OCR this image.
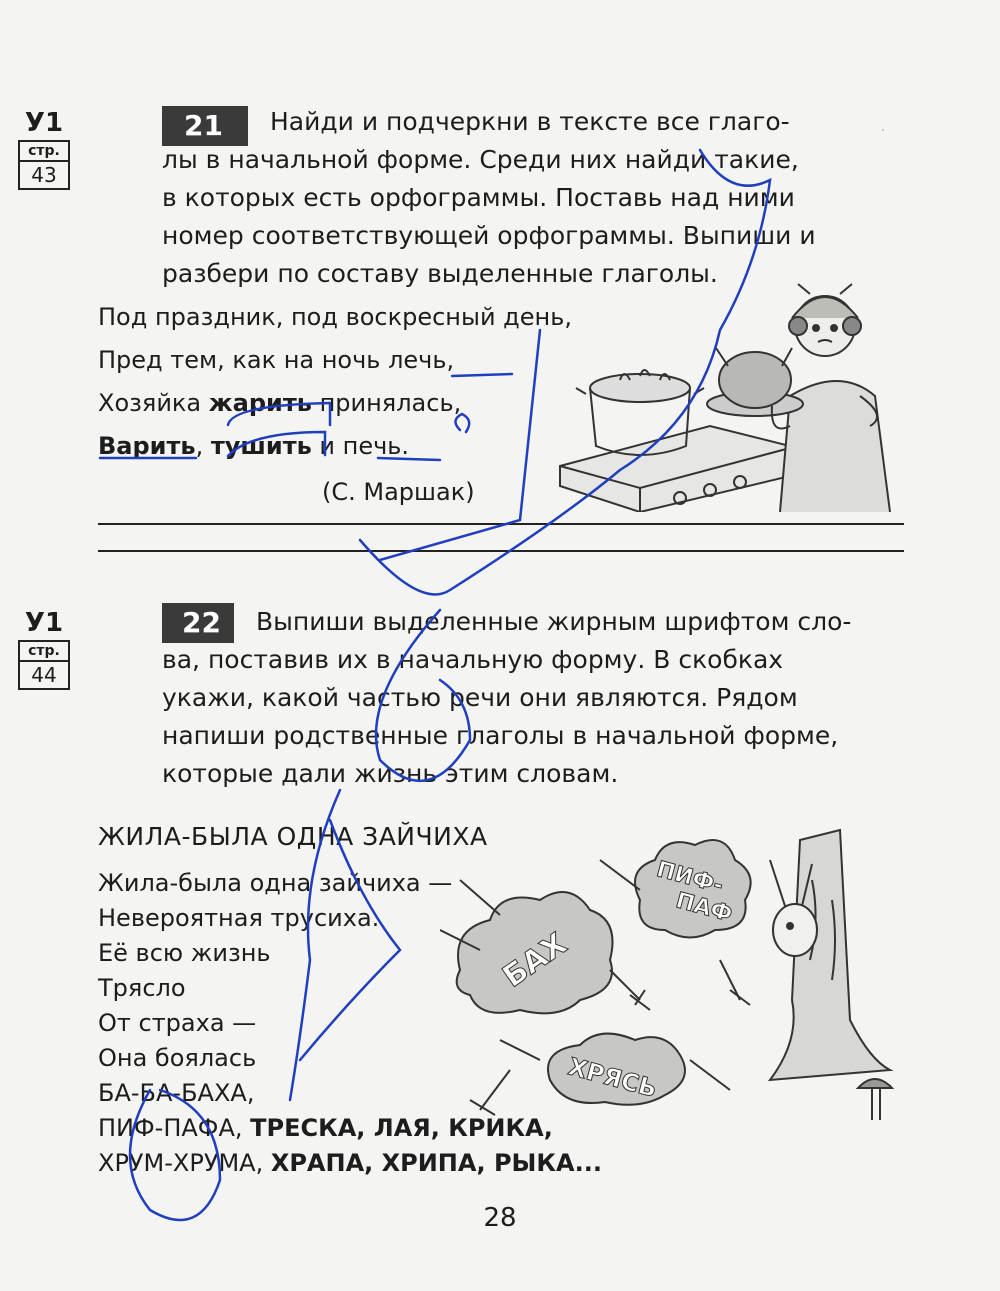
·
У1
стр.
43
21	Найди и подчеркни в тексте все глаго-
лы в начальной форме. Среди них найди такие,
в которых есть орфограммы. Поставь над ними
номер соответствующей орфограммы. Выпиши и
разбери по составу выделенные глаголы.
Под праздник, под воскресный день,
Пред тем, как на ночь лечь,
Хозяйка жарить принялась,
Варить, тушить и печь.
(С. Маршак)
У1
стр.
44
22	Выпиши выделенные жирным шрифтом сло-
ва, поставив их в начальную форму. В скобках
укажи, какой частью речи они являются. Рядом
напиши родственные глаголы в начальной форме,
которые дали жизнь этим словам.
ЖИЛА-БЫЛА ОДНА ЗАЙЧИХА
Жила-была одна зайчиха —
Невероятная трусиха.
Её всю жизнь
Трясло
От страха —
Она боялась
БА-БА-БАХА,
ПИФ-ПАФА, ТРЕСКА, ЛАЯ, КРИКА,
ХРУМ-ХРУМА, ХРАПА, ХРИПА, РЫКА...
БАХ
ПИФ-
ПАФ
ХРЯСЬ
28
